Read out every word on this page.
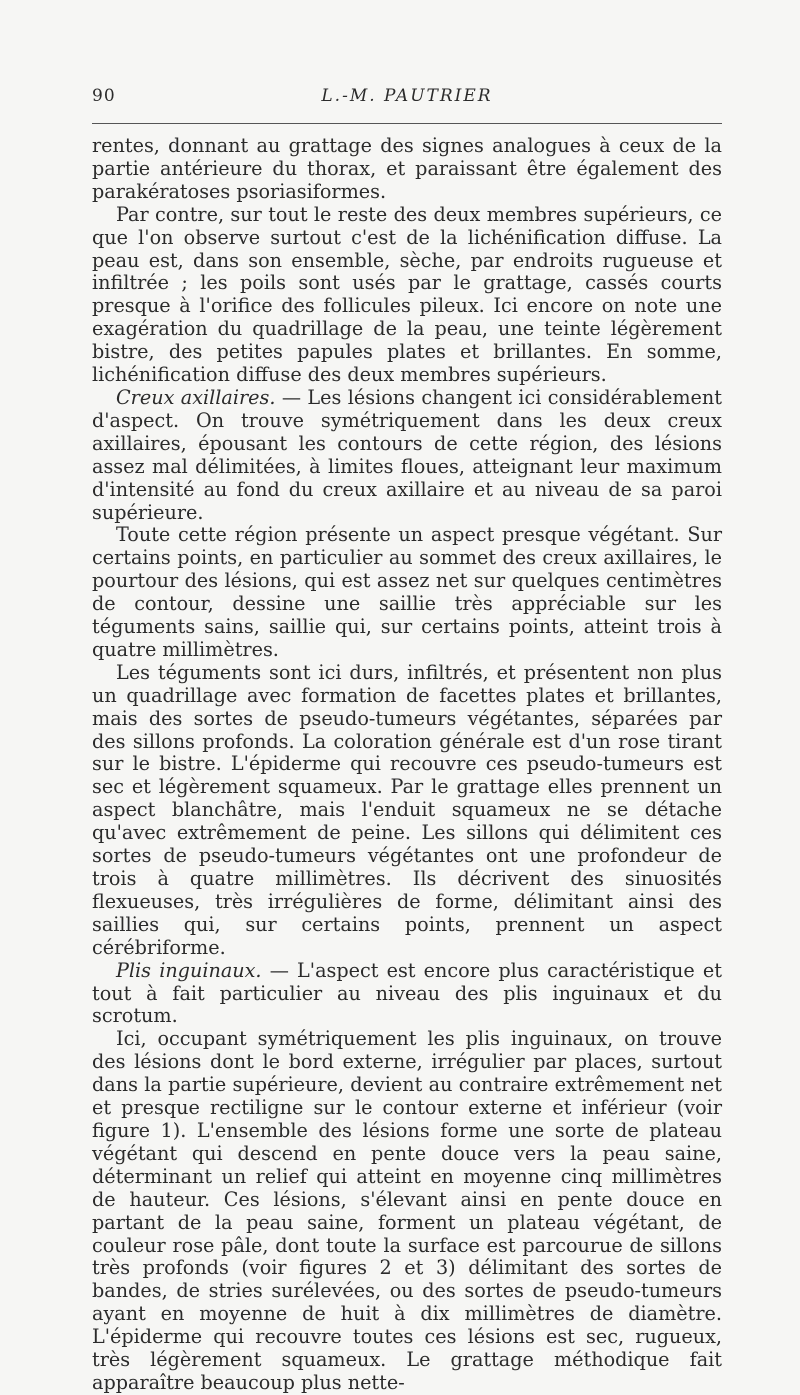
90	L.-M. PAUTRIER

rentes, donnant au grattage des signes analogues à ceux de la partie antérieure du thorax, et paraissant être également des parakératoses psoriasiformes.

Par contre, sur tout le reste des deux membres supérieurs, ce que l'on observe surtout c'est de la lichénification diffuse. La peau est, dans son ensemble, sèche, par endroits rugueuse et infiltrée ; les poils sont usés par le grattage, cassés courts presque à l'orifice des follicules pileux. Ici encore on note une exagération du quadrillage de la peau, une teinte légèrement bistre, des petites papules plates et brillantes. En somme, lichénification diffuse des deux membres supérieurs.

Creux axillaires. — Les lésions changent ici considérablement d'aspect. On trouve symétriquement dans les deux creux axillaires, épousant les contours de cette région, des lésions assez mal délimitées, à limites floues, atteignant leur maximum d'intensité au fond du creux axillaire et au niveau de sa paroi supérieure.

Toute cette région présente un aspect presque végétant. Sur certains points, en particulier au sommet des creux axillaires, le pourtour des lésions, qui est assez net sur quelques centimètres de contour, dessine une saillie très appréciable sur les téguments sains, saillie qui, sur certains points, atteint trois à quatre millimètres.

Les téguments sont ici durs, infiltrés, et présentent non plus un quadrillage avec formation de facettes plates et brillantes, mais des sortes de pseudo-tumeurs végétantes, séparées par des sillons profonds. La coloration générale est d'un rose tirant sur le bistre. L'épiderme qui recouvre ces pseudo-tumeurs est sec et légèrement squameux. Par le grattage elles prennent un aspect blanchâtre, mais l'enduit squameux ne se détache qu'avec extrêmement de peine. Les sillons qui délimitent ces sortes de pseudo-tumeurs végétantes ont une profondeur de trois à quatre millimètres. Ils décrivent des sinuosités flexueuses, très irrégulières de forme, délimitant ainsi des saillies qui, sur certains points, prennent un aspect cérébriforme.

Plis inguinaux. — L'aspect est encore plus caractéristique et tout à fait particulier au niveau des plis inguinaux et du scrotum.

Ici, occupant symétriquement les plis inguinaux, on trouve des lésions dont le bord externe, irrégulier par places, surtout dans la partie supérieure, devient au contraire extrêmement net et presque rectiligne sur le contour externe et inférieur (voir figure 1). L'ensemble des lésions forme une sorte de plateau végétant qui descend en pente douce vers la peau saine, déterminant un relief qui atteint en moyenne cinq millimètres de hauteur. Ces lésions, s'élevant ainsi en pente douce en partant de la peau saine, forment un plateau végétant, de couleur rose pâle, dont toute la surface est parcourue de sillons très profonds (voir figures 2 et 3) délimitant des sortes de bandes, de stries surélevées, ou des sortes de pseudo-tumeurs ayant en moyenne de huit à dix millimètres de diamètre. L'épiderme qui recouvre toutes ces lésions est sec, rugueux, très légèrement squameux. Le grattage méthodique fait apparaître beaucoup plus nette-
